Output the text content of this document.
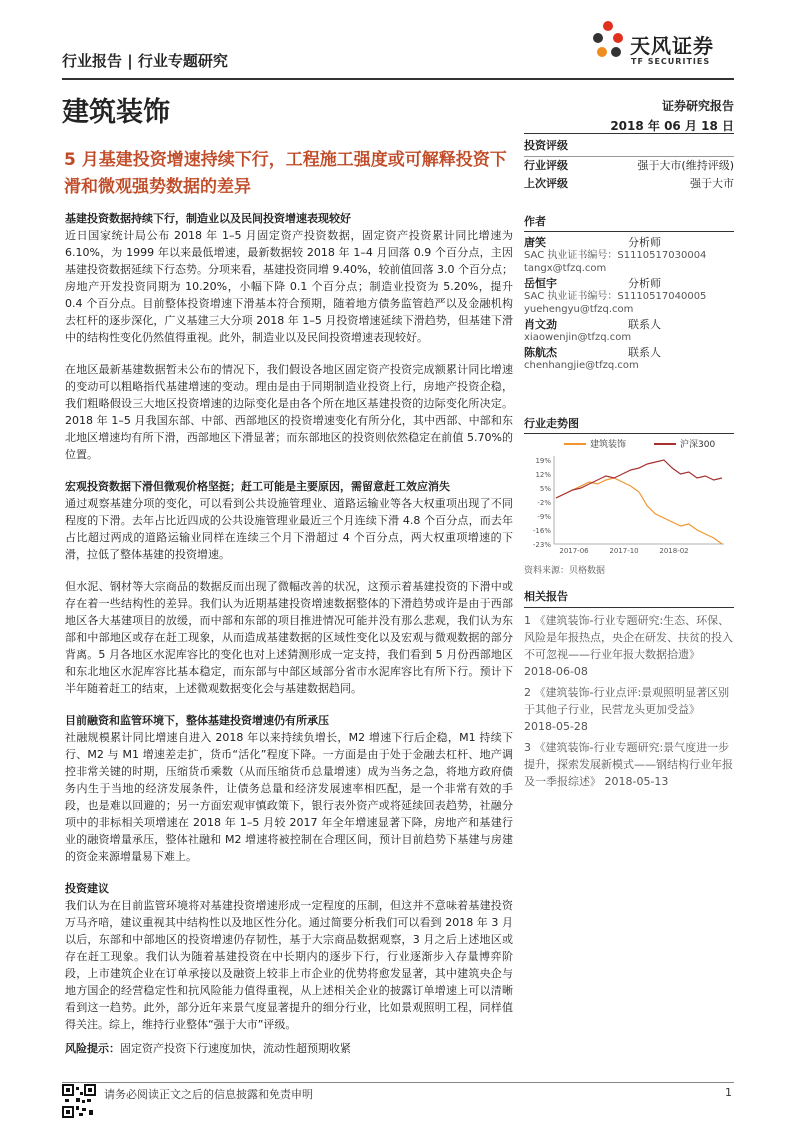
行业报告 | 行业专题研究
天风证券
TF SECURITIES
建筑装饰	证券研究报告
2018 年 06 月 18 日
5 月基建投资增速持续下行，工程施工强度或可解释投资下滑和微观强势数据的差异

基建投资数据持续下行，制造业以及民间投资增速表现较好

近日国家统计局公布 2018 年 1–5 月固定资产投资数据，固定资产投资累计同比增速为 6.10%，为 1999 年以来最低增速，最新数据较 2018 年 1–4 月回落 0.9 个百分点，主因基建投资数据延续下行态势。分项来看，基建投资同增 9.40%，较前值回落 3.0 个百分点；房地产开发投资同期为 10.20%，小幅下降 0.1 个百分点；制造业投资为 5.20%，提升 0.4 个百分点。目前整体投资增速下滑基本符合预期，随着地方债务监管趋严以及金融机构去杠杆的逐步深化，广义基建三大分项 2018 年 1–5 月投资增速延续下滑趋势，但基建下滑中的结构性变化仍然值得重视。此外，制造业以及民间投资增速表现较好。

在地区最新基建数据暂未公布的情况下，我们假设各地区固定资产投资完成额累计同比增速的变动可以粗略指代基建增速的变动。理由是由于同期制造业投资上行，房地产投资企稳，我们粗略假设三大地区投资增速的边际变化是由各个所在地区基建投资的边际变化所决定。2018 年 1–5 月我国东部、中部、西部地区的投资增速变化有所分化，其中西部、中部和东北地区增速均有所下滑，西部地区下滑显著；而东部地区的投资则依然稳定在前值 5.70%的位置。

宏观投资数据下滑但微观价格坚挺；赶工可能是主要原因，需留意赶工效应消失

通过观察基建分项的变化，可以看到公共设施管理业、道路运输业等各大权重项出现了不同程度的下滑。去年占比近四成的公共设施管理业最近三个月连续下滑 4.8 个百分点，而去年占比超过两成的道路运输业同样在连续三个月下滑超过 4 个百分点，两大权重项增速的下滑，拉低了整体基建的投资增速。

但水泥、钢材等大宗商品的数据反而出现了微幅改善的状况，这预示着基建投资的下滑中或存在着一些结构性的差异。我们认为近期基建投资增速数据整体的下滑趋势或许是由于西部地区各大基建项目的放缓，而中部和东部的项目推进情况可能并没有那么悲观，我们认为东部和中部地区或存在赶工现象，从而造成基建数据的区域性变化以及宏观与微观数据的部分背离。5 月各地区水泥库容比的变化也对上述猜测形成一定支持，我们看到 5 月份西部地区和东北地区水泥库容比基本稳定，而东部与中部区域部分省市水泥库容比有所下行。预计下半年随着赶工的结束，上述微观数据变化会与基建数据趋同。

目前融资和监管环境下，整体基建投资增速仍有所承压

社融规模累计同比增速自进入 2018 年以来持续负增长，M2 增速下行后企稳，M1 持续下行、M2 与 M1 增速差走扩，货币“活化”程度下降。一方面是由于处于金融去杠杆、地产调控非常关键的时期，压缩货币乘数（从而压缩货币总量增速）成为当务之急，将地方政府债务内生于当地的经济发展条件，让债务总量和经济发展速率相匹配，是一个非常有效的手段，也是难以回避的；另一方面宏观审慎政策下，银行表外资产或将延续回表趋势，社融分项中的非标相关项增速在 2018 年 1–5 月较 2017 年全年增速显著下降，房地产和基建行业的融资增量承压，整体社融和 M2 增速将被控制在合理区间，预计目前趋势下基建与房建的资金来源增量易下难上。

投资建议

我们认为在目前监管环境将对基建投资增速形成一定程度的压制，但这并不意味着基建投资万马齐喑，建议重视其中结构性以及地区性分化。通过简要分析我们可以看到 2018 年 3 月以后，东部和中部地区的投资增速仍存韧性，基于大宗商品数据观察，3 月之后上述地区或存在赶工现象。我们认为随着基建投资在中长期内的逐步下行，行业逐渐步入存量博弈阶段，上市建筑企业在订单承接以及融资上较非上市企业的优势将愈发显著，其中建筑央企与地方国企的经营稳定性和抗风险能力值得重视，从上述相关企业的披露订单增速上可以清晰看到这一趋势。此外，部分近年来景气度显著提升的细分行业，比如景观照明工程，同样值得关注。综上，维持行业整体“强于大市”评级。

风险提示：固定资产投资下行速度加快，流动性超预期收紧

投资评级
行业评级	强于大市(维持评级)
上次评级	强于大市
作者
唐笑	分析师
SAC 执业证书编号：S1110517030004
tangx@tfzq.com
岳恒宇	分析师
SAC 执业证书编号：S1110517040005
yuehengyu@tfzq.com
肖文劲	联系人
xiaowenjin@tfzq.com
陈航杰	联系人
chenhangjie@tfzq.com
行业走势图
建筑装饰	沪深300
19%
12%
5%
-2%
-9%
-16%
-23%
2017-06	2017-10	2018-02
资料来源：贝格数据
相关报告
1 《建筑装饰-行业专题研究:生态、环保、风险是年报热点，央企在研发、扶贫的投入不可忽视——行业年报大数据拾遗》 2018-06-08
2 《建筑装饰-行业点评:景观照明显著区别于其他子行业，民营龙头更加受益》 2018-05-28
3 《建筑装饰-行业专题研究:景气度进一步提升，探索发展新模式——钢结构行业年报及一季报综述》 2018-05-13
请务必阅读正文之后的信息披露和免责申明	1
